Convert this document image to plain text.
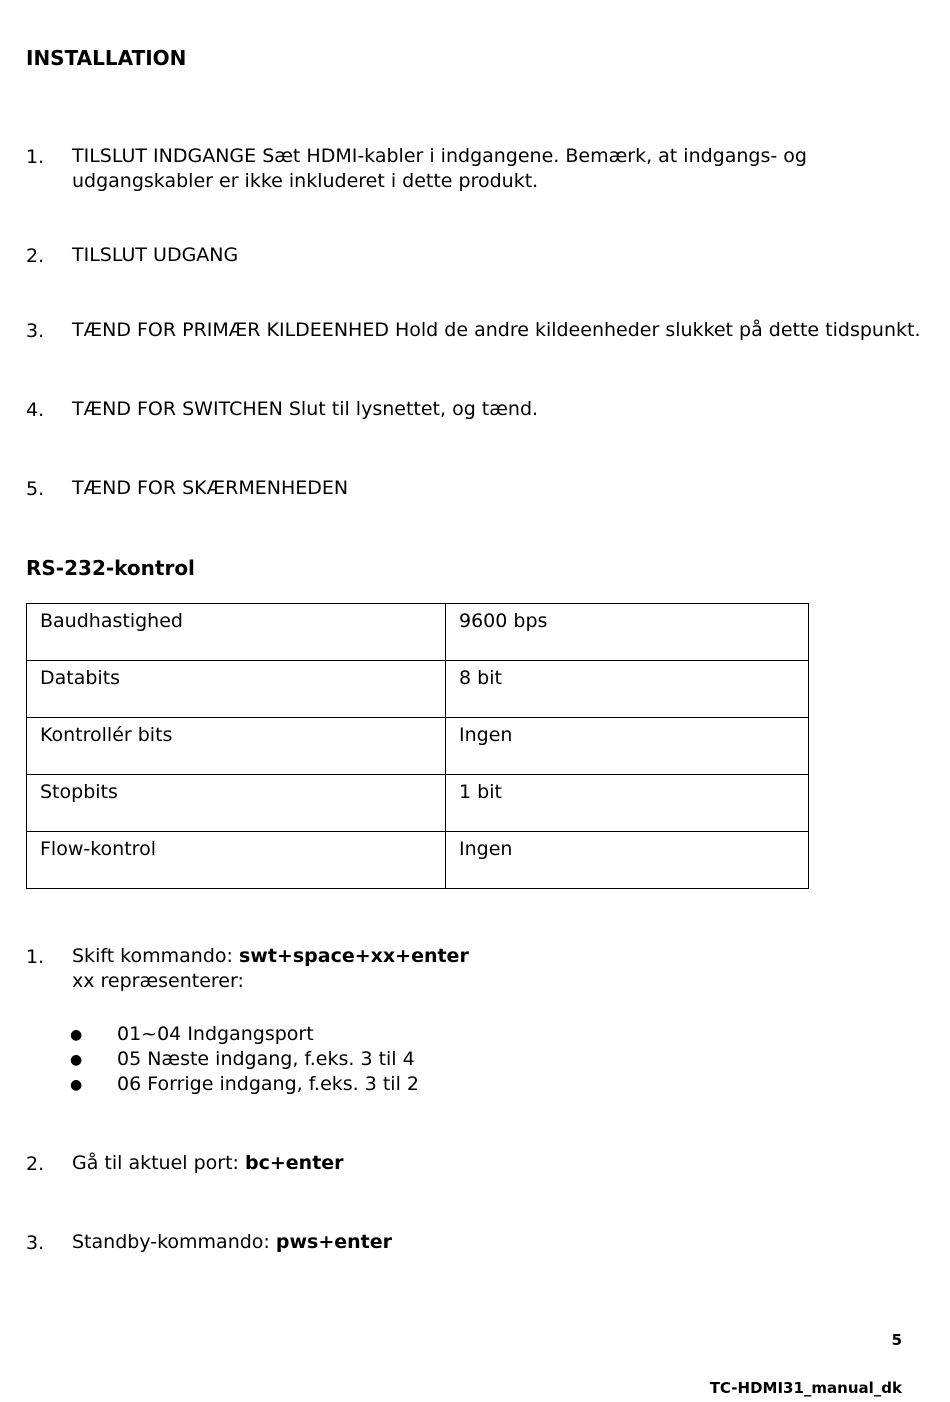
INSTALLATION
1. TILSLUT INDGANGE Sæt HDMI-kabler i indgangene. Bemærk, at indgangs- og udgangskabler er ikke inkluderet i dette produkt.
2. TILSLUT UDGANG
3. TÆND FOR PRIMÆR KILDEENHED Hold de andre kildeenheder slukket på dette tidspunkt.
4. TÆND FOR SWITCHEN Slut til lysnettet, og tænd.
5. TÆND FOR SKÆRMENHEDEN
RS-232-kontrol
Baudhastighed	9600 bps
Databits	8 bit
Kontrollér bits	Ingen
Stopbits	1 bit
Flow-kontrol	Ingen
1. Skift kommando: swt+space+xx+enter
xx repræsenterer:
● 01~04 Indgangsport
● 05 Næste indgang, f.eks. 3 til 4
● 06 Forrige indgang, f.eks. 3 til 2
2. Gå til aktuel port: bc+enter
3. Standby-kommando: pws+enter
5
TC-HDMI31_manual_dk
